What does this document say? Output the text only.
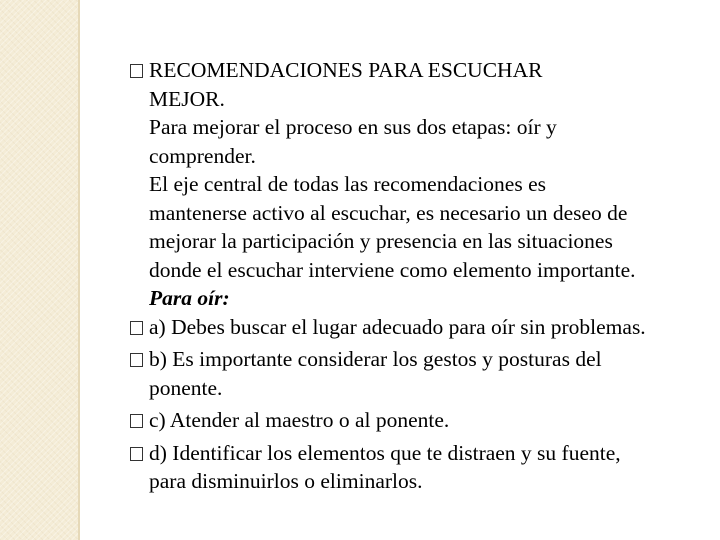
RECOMENDACIONES PARA ESCUCHAR
MEJOR.
Para mejorar el proceso en sus dos etapas: oír y
comprender.
El eje central de todas las recomendaciones es
mantenerse activo al escuchar, es necesario un deseo de
mejorar la participación y presencia en las situaciones
donde el escuchar interviene como elemento importante.
Para oír:
a) Debes buscar el lugar adecuado para oír sin problemas.
b) Es importante considerar los gestos y posturas del
ponente.
c) Atender al maestro o al ponente.
d) Identificar los elementos que te distraen y su fuente,
para disminuirlos o eliminarlos.
